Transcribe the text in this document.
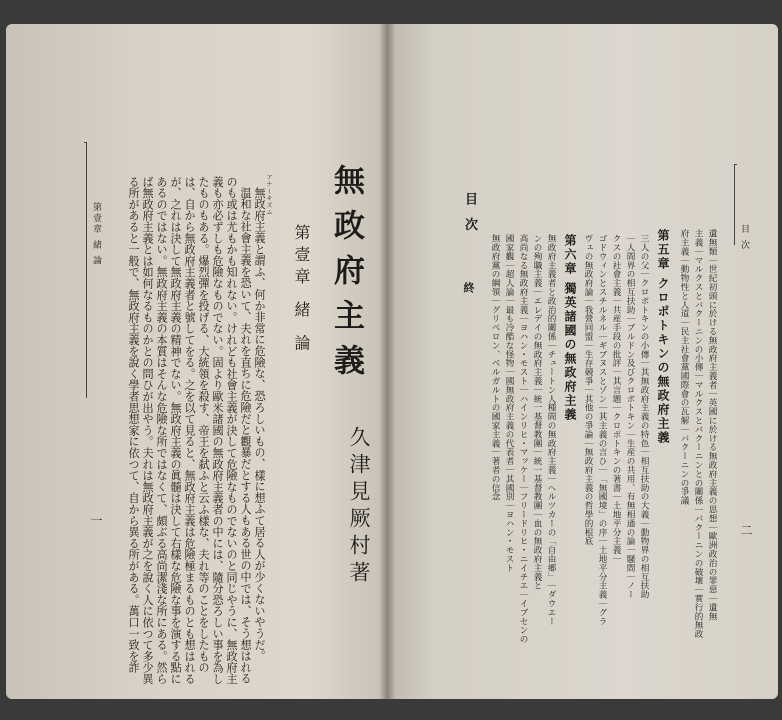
第壹章 緒 論
一	無政府主義と謂ふ、何か非常に危險な、恐ろしいもの、樣に想ふて居る人が少くないやうだ。

温和な社會主義を恐いて、夫れを直ちに危險だと觀暴だとする人もある世の中では、そう想はれるのも或は尤もかも知れない。けれども社會主義が決して危險なものでないのと同じやうに、無政府主義も亦必ずしも危險なものでない。固より歐米諸國の無政府主義者の中には、隨分恐ろしい事を為したものもある。爆烈彈を投げる、大統領を殺す、帝王を弑ふと云ふ樣な、夫れ等のことをしたものは、自から無政府主義者と號してをる。之を以て見ると、無政府主義は危險極まるものとも想はれるが、之れは決して無政府主義の精神でない。無政府主義の眞髓は決して右樣な危險な事を演する點にあるのではない。無政府主義の本質はそんな危險な所ではなくて、頗ぶる高尚潔淺な所にある。然らば無政府主義とは如何なるものかとの問ひが出やう。夫れは無政府主義が之を說く人に依つて多少異る所があると一般で、無政府主義を說く學者思想家に依つて、自から異る所がある。萬口一致を詐	アナーキズム
第壹章 緒 論 無政府主義
久津見厥村著
目 次
終 無政府黨の綱領｜グリペロン、ベルガルトの國家主義｜著者の信念 國家觀｜超人論｜最も冷酷な怪物｜國無政府主義の代表者｜其國別｜ヨハン・モスト 高尚なる無政府主義｜ヨハン・モスト｜ハインリヒ・マッケー｜フリードリヒ・ニイチエ｜イブセンの ンの殉職主義｜エレデイの無政府主義｜統一基督教團｜統一基督教團｜血の無政府主義と 無政府主義者と政治的關係｜チュートン人種間の無政府主義｜ヘルツカーの「自由郷」｜ダウエー 第六章 獨英諸國の無政府主義 ヴェの無政府論｜我營同盟｜生存競爭｜其他の爭論｜無政府主義の哲學的根底 ゴドウィンとスチルネル｜ギブヌスとゾン｜其主義の言ひ｜「無國境」の序｜土地平分主義｜グラ クスの社會主義｜共産手段の批評｜其言題｜クロポトキンの著書｜土地平分主義｜ ｜人間界の相互扶助｜ブルドン及びクロポトキン｜生産の共用、有無相通の論｜騒間｜ノー 三人の父｜クロポトキンの小傳｜其無政府主義の特色｜相互扶助の大義｜動物界の相互扶助 第五章 クロポトキンの無政府主義 府主義｜動物性と人道｜民主社會黨國際會の瓦解｜バクーニンの爭議 主義｜マルクスとバクーニンの小傳｜マルクスとバクーニンとの關係｜バクーニンの破壞｜實行的無政 遺無類｜世紀初頭に於ける無政府主義者｜英國に於ける無政府主義の思想｜歐洲政治の罪惡｜遺無 目 次
二
